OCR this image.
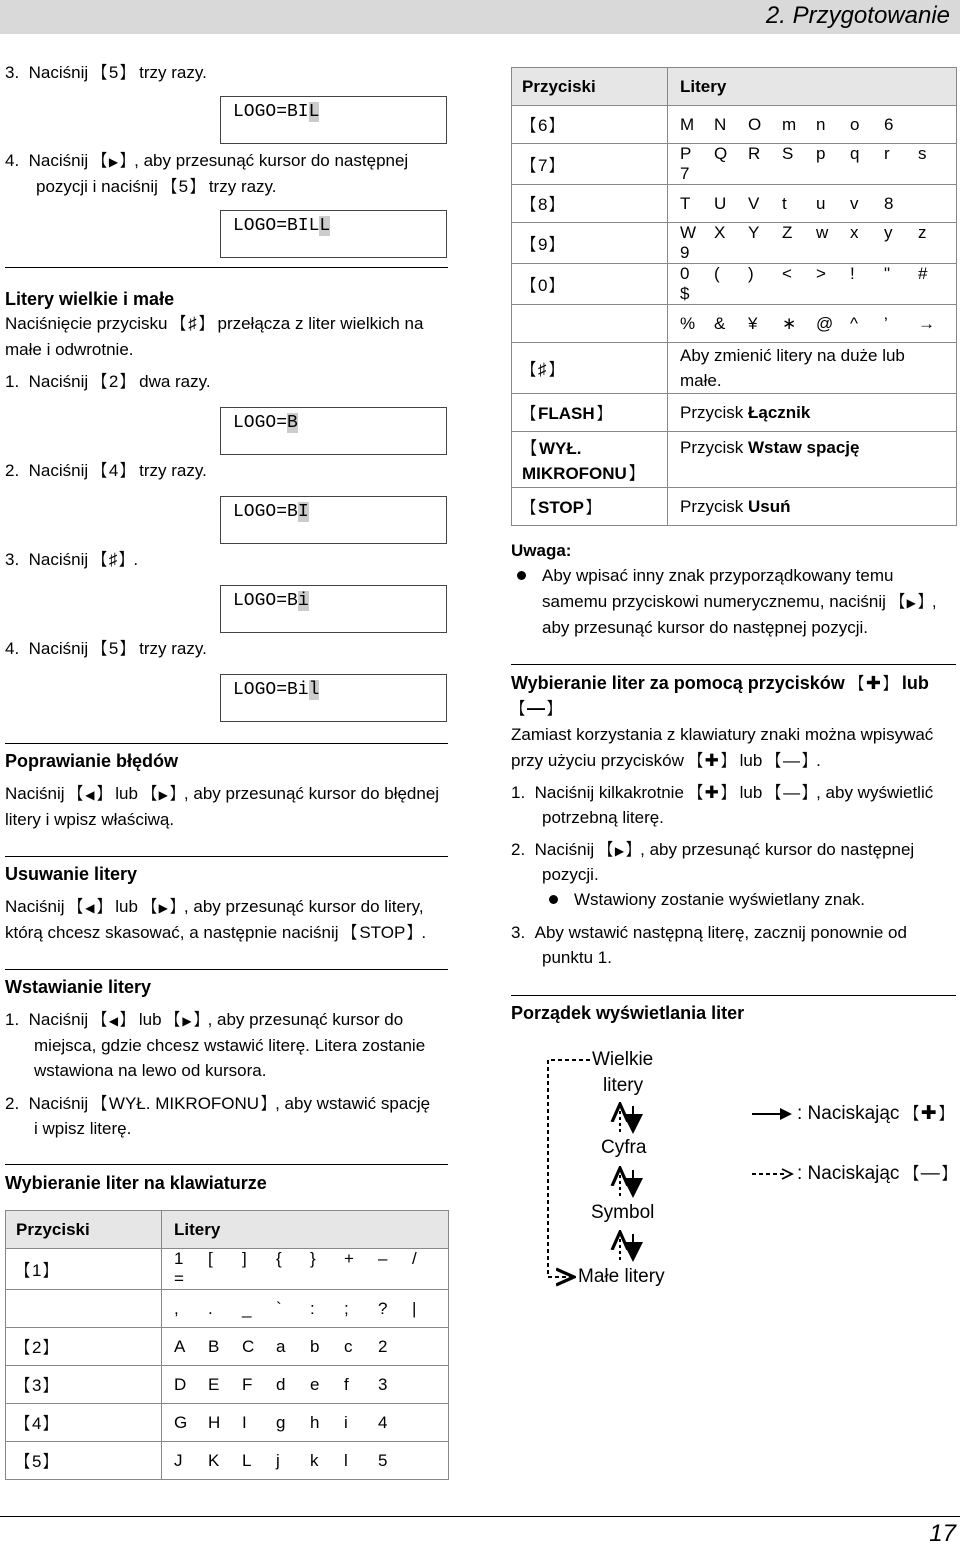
2. Przygotowanie
3. Naciśnij 【 5 】 trzy razy.
LOGO=BIL
4. Naciśnij 【 ▶ 】 , aby przesunąć kursor do następnej
pozycji i naciśnij 【 5 】 trzy razy.
LOGO=BILL
Litery wielkie i małe
Naciśnięcie przycisku 【 ♯ 】 przełącza z liter wielkich na
małe i odwrotnie.
1. Naciśnij 【 2 】 dwa razy.
LOGO=B
2. Naciśnij 【 4 】 trzy razy.
LOGO=BI
3. Naciśnij 【 ♯ 】 .
LOGO=Bi
4. Naciśnij 【 5 】 trzy razy.
LOGO=Bil
Poprawianie błędów
Naciśnij 【 ◀ 】 lub 【 ▶ 】 , aby przesunąć kursor do błędnej
litery i wpisz właściwą.
Usuwanie litery
Naciśnij 【 ◀ 】 lub 【 ▶ 】 , aby przesunąć kursor do litery,
którą chcesz skasować, a następnie naciśnij 【 STOP 】 .
Wstawianie litery
1. Naciśnij 【 ◀ 】 lub 【 ▶ 】 , aby przesunąć kursor do
miejsca, gdzie chcesz wstawić literę. Litera zostanie
wstawiona na lewo od kursora.
2. Naciśnij 【 WYŁ. MIKROFONU 】 , aby wstawić spację
i wpisz literę.
Wybieranie liter na klawiaturze
Przyciski	Litery
【 1 】	1 [ ] { } + – /=
	, . _ ` : ; ? |
【 2 】	A B C a b c 2
【 3 】	D E F d e f 3
【 4 】	G H I g h i 4
【 5 】	J K L j k l 5
Przyciski	Litery
【 6 】	M N O m n o 6
【 7 】	P Q R S p q r s7
【 8 】	T U V t u v 8
【 9 】	W X Y Z w x y z9
【 0 】	0 ( ) < > ! " #$
	% & ¥ ∗ @ ^ ’ →
【 ♯ 】	Aby zmienić litery na duże lub
małe.
【 FLASH 】	Przycisk Łącznik
【 WYŁ.
MIKROFONU 】	Przycisk Wstaw spację
【 STOP 】	Przycisk Usuń
Uwaga:
Aby wpisać inny znak przyporządkowany temu
samemu przyciskowi numerycznemu, naciśnij 【 ▶ 】 ,
aby przesunąć kursor do następnej pozycji.
Wybieranie liter za pomocą przycisków 【 ✚ 】 lub
【 — 】
Zamiast korzystania z klawiatury znaki można wpisywać
przy użyciu przycisków 【 ✚ 】 lub 【 — 】 .
1. Naciśnij kilkakrotnie 【 ✚ 】 lub 【 — 】 , aby wyświetlić
potrzebną literę.
2. Naciśnij 【 ▶ 】 , aby przesunąć kursor do następnej
pozycji.
Wstawiony zostanie wyświetlany znak.
3. Aby wstawić następną literę, zacznij ponownie od
punktu 1.
Porządek wyświetlania liter
Wielkie
litery
Cyfra
Symbol
Małe litery
: Naciskając 【 ✚ 】
: Naciskając 【 — 】
17
